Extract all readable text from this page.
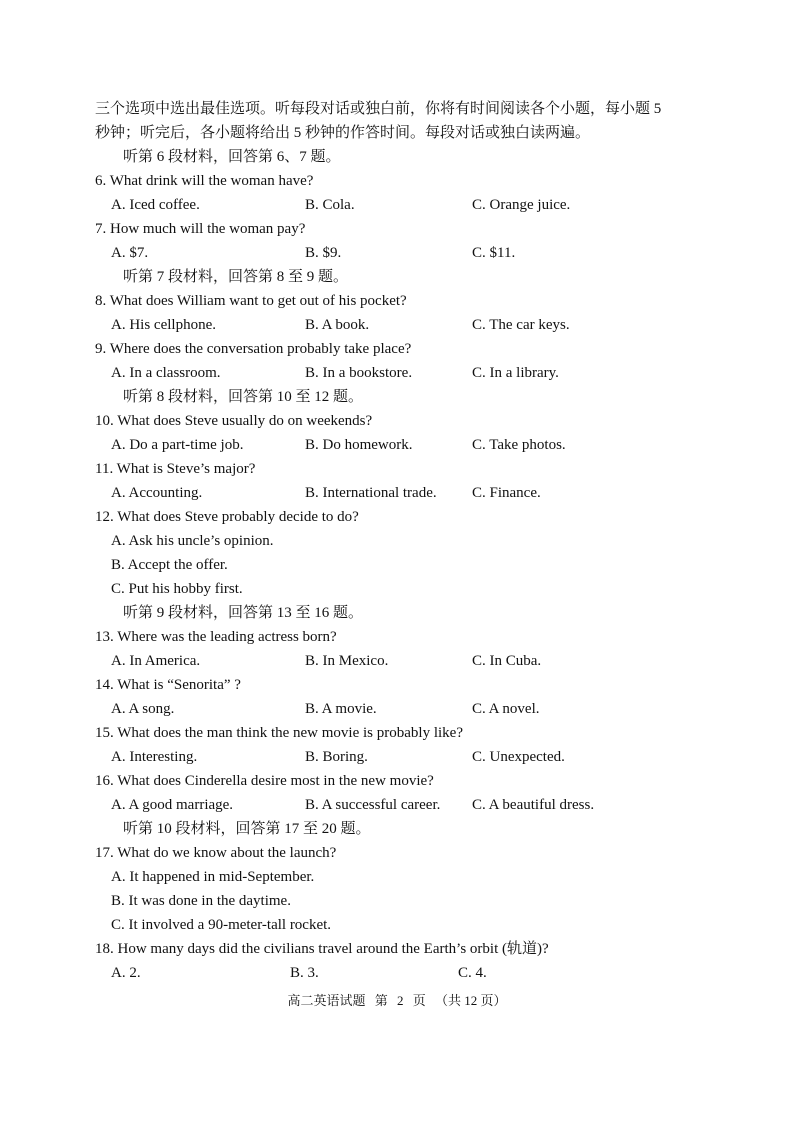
三个选项中选出最佳选项。听每段对话或独白前，你将有时间阅读各个小题，每小题 5
秒钟；听完后，各小题将给出 5 秒钟的作答时间。每段对话或独白读两遍。
听第 6 段材料，回答第 6、7 题。
6. What drink will the woman have?
A. Iced coffee.	B. Cola.	C. Orange juice.
7. How much will the woman pay?
A. $7.	B. $9.	C. $11.
听第 7 段材料，回答第 8 至 9 题。
8. What does William want to get out of his pocket?
A. His cellphone.	B. A book.	C. The car keys.
9. Where does the conversation probably take place?
A. In a classroom.	B. In a bookstore.	C. In a library.
听第 8 段材料，回答第 10 至 12 题。
10. What does Steve usually do on weekends?
A. Do a part-time job.	B. Do homework.	C. Take photos.
11. What is Steve’s major?
A. Accounting.	B. International trade. C. Finance.
12. What does Steve probably decide to do?
A. Ask his uncle’s opinion.
B. Accept the offer.
C. Put his hobby first.
听第 9 段材料，回答第 13 至 16 题。
13. Where was the leading actress born?
A. In America.	B. In Mexico.	C. In Cuba.
14. What is “Senorita” ?
A. A song.	B. A movie.	C. A novel.
15. What does the man think the new movie is probably like?
A. Interesting.	B. Boring.	C. Unexpected.
16. What does Cinderella desire most in the new movie?
A. A good marriage.	B. A successful career. C. A beautiful dress.
听第 10 段材料，回答第 17 至 20 题。
17. What do we know about the launch?
A. It happened in mid-September.
B. It was done in the daytime.
C. It involved a 90-meter-tall rocket.
18. How many days did the civilians travel around the Earth’s orbit (轨道)?
A. 2.	B. 3.	C. 4.
高二英语试题 第 2 页 （共 12 页）
